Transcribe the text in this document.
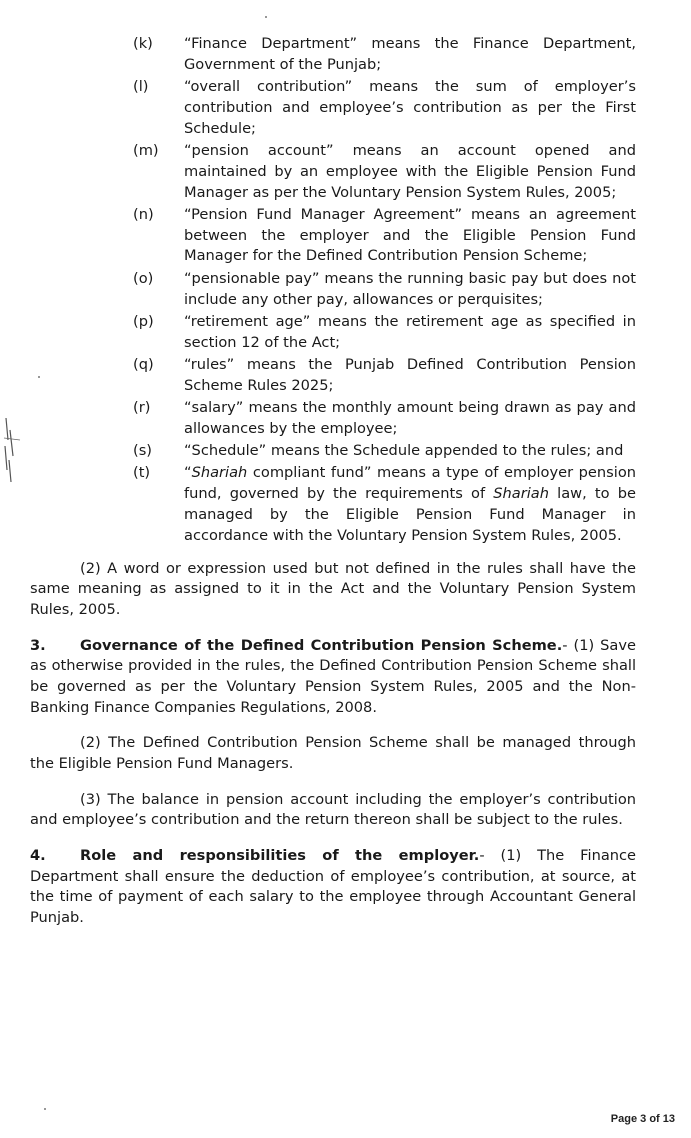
(k) “Finance Department” means the Finance Department, Government of the Punjab;
(l) “overall contribution” means the sum of employer’s contribution and employee’s contribution as per the First Schedule;
(m) “pension account” means an account opened and maintained by an employee with the Eligible Pension Fund Manager as per the Voluntary Pension System Rules, 2005;
(n) “Pension Fund Manager Agreement” means an agreement between the employer and the Eligible Pension Fund Manager for the Defined Contribution Pension Scheme;
(o) “pensionable pay” means the running basic pay but does not include any other pay, allowances or perquisites;
(p) “retirement age” means the retirement age as specified in section 12 of the Act;
(q) “rules” means the Punjab Defined Contribution Pension Scheme Rules 2025;
(r) “salary” means the monthly amount being drawn as pay and allowances by the employee;
(s) “Schedule” means the Schedule appended to the rules; and
(t) “Shariah compliant fund” means a type of employer pension fund, governed by the requirements of Shariah law, to be managed by the Eligible Pension Fund Manager in accordance with the Voluntary Pension System Rules, 2005.

(2) A word or expression used but not defined in the rules shall have the same meaning as assigned to it in the Act and the Voluntary Pension System Rules, 2005.

3. Governance of the Defined Contribution Pension Scheme.- (1) Save as otherwise provided in the rules, the Defined Contribution Pension Scheme shall be governed as per the Voluntary Pension System Rules, 2005 and the Non-Banking Finance Companies Regulations, 2008.

(2) The Defined Contribution Pension Scheme shall be managed through the Eligible Pension Fund Managers.

(3) The balance in pension account including the employer’s contribution and employee’s contribution and the return thereon shall be subject to the rules.

4. Role and responsibilities of the employer.- (1) The Finance Department shall ensure the deduction of employee’s contribution, at source, at the time of payment of each salary to the employee through Accountant General Punjab.

Page 3 of 13
